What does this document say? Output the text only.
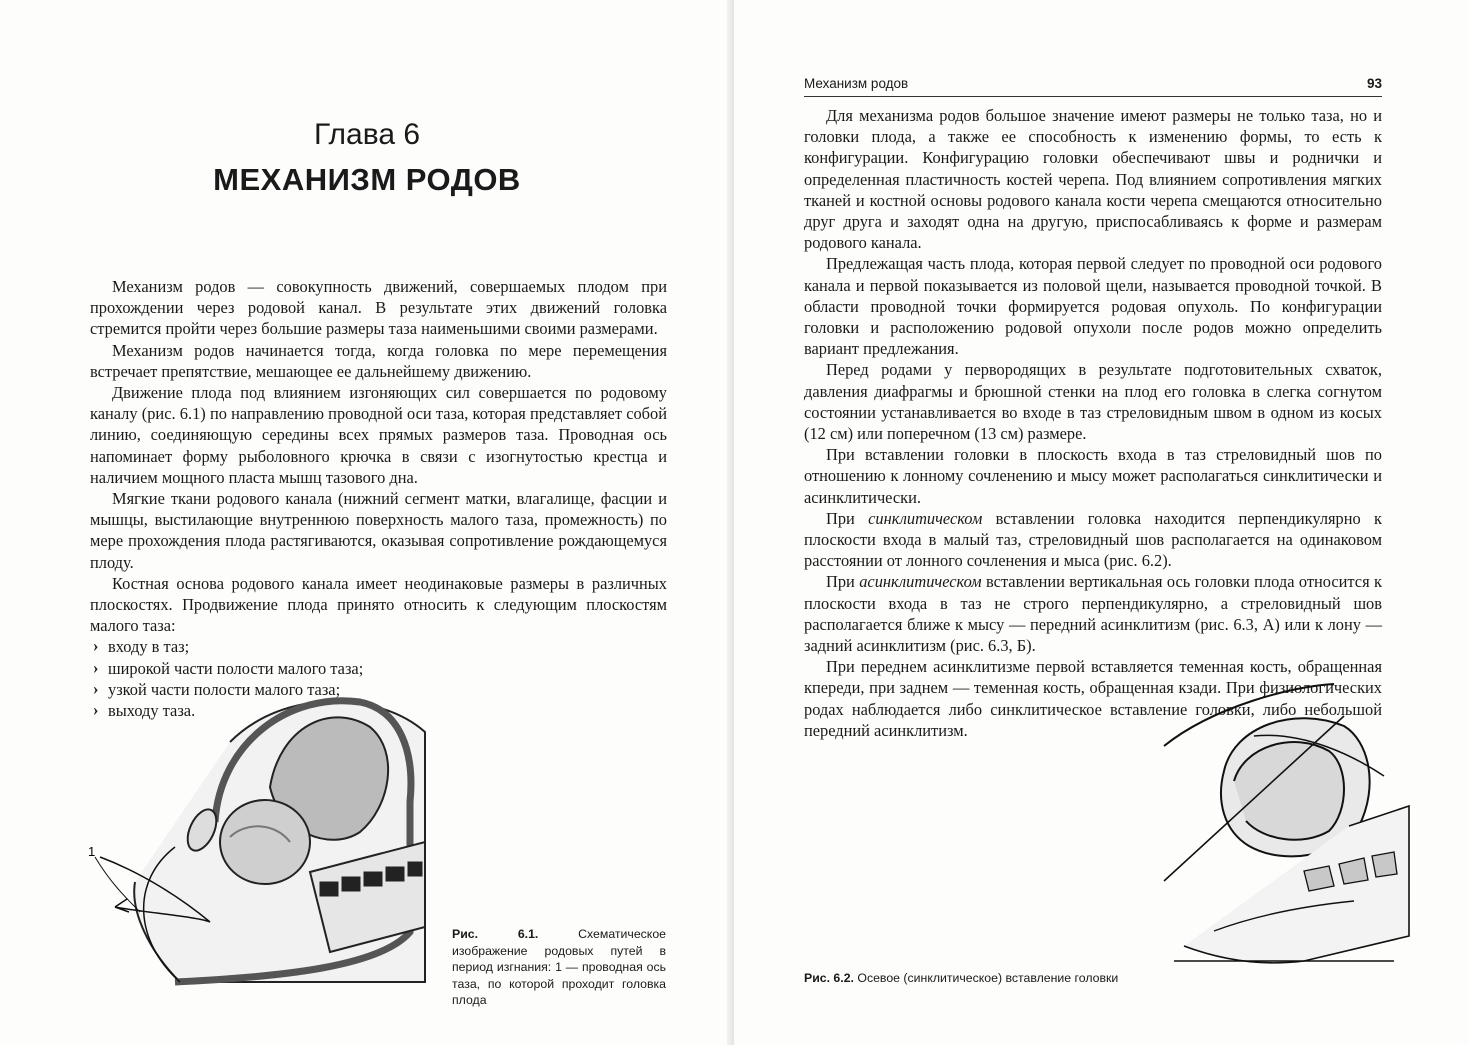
Глава 6
МЕХАНИЗМ РОДОВ

Механизм родов — совокупность движений, совершаемых плодом при прохождении через родовой канал. В результате этих движений головка стремится пройти через большие размеры таза наименьшими своими размерами.

Механизм родов начинается тогда, когда головка по мере перемещения встречает препятствие, мешающее ее дальнейшему движению.

Движение плода под влиянием изгоняющих сил совершается по родовому каналу (рис. 6.1) по направлению проводной оси таза, которая представляет собой линию, соединяющую середины всех прямых размеров таза. Проводная ось напоминает форму рыболовного крючка в связи с изогнутостью крестца и наличием мощного пласта мышц тазового дна.

Мягкие ткани родового канала (нижний сегмент матки, влагалище, фасции и мышцы, выстилающие внутреннюю поверхность малого таза, промежность) по мере прохождения плода растягиваются, оказывая сопротивление рождающемуся плоду.

Костная основа родового канала имеет неодинаковые размеры в различных плоскостях. Продвижение плода принято относить к следующим плоскостям малого таза:

› входу в таз;
› широкой части полости малого таза;
› узкой части полости малого таза;
› выходу таза.
1
Рис. 6.1.	Схематическое изображение родовых путей в период изгнания: 1 — проводная ось таза, по которой проходит головка плода
Механизм родов	93

Для механизма родов большое значение имеют размеры не только таза, но и головки плода, а также ее способность к изменению формы, то есть к конфигурации. Конфигурацию головки обеспечивают швы и роднички и определенная пластичность костей черепа. Под влиянием сопротивления мягких тканей и костной основы родового канала кости черепа смещаются относительно друг друга и заходят одна на другую, приспосабливаясь к форме и размерам родового канала.

Предлежащая часть плода, которая первой следует по проводной оси родового канала и первой показывается из половой щели, называется проводной точкой. В области проводной точки формируется родовая опухоль. По конфигурации головки и расположению родовой опухоли после родов можно определить вариант предлежания.

Перед родами у первородящих в результате подготовительных схваток, давления диафрагмы и брюшной стенки на плод его головка в слегка согнутом состоянии устанавливается во входе в таз стреловидным швом в одном из косых (12 см) или поперечном (13 см) размере.

При вставлении головки в плоскость входа в таз стреловидный шов по отношению к лонному сочленению и мысу может располагаться синклитически и асинклитически.

При синклитическом вставлении головка находится перпендикулярно к плоскости входа в малый таз, стреловидный шов располагается на одинаковом расстоянии от лонного сочленения и мыса (рис. 6.2).

При асинклитическом вставлении вертикальная ось головки плода относится к плоскости входа в таз не строго перпендикулярно, а стреловидный шов располагается ближе к мысу — передний асинклитизм (рис. 6.3, А) или к лону — задний асинклитизм (рис. 6.3, Б).

При переднем асинклитизме первой вставляется теменная кость, обращенная кпереди, при заднем — теменная кость, обращенная кзади. При физиологических родах наблюдается либо синклитическое вставление головки, либо небольшой передний асинклитизм.

Рис. 6.2. Осевое (синклитическое) вставление головки
